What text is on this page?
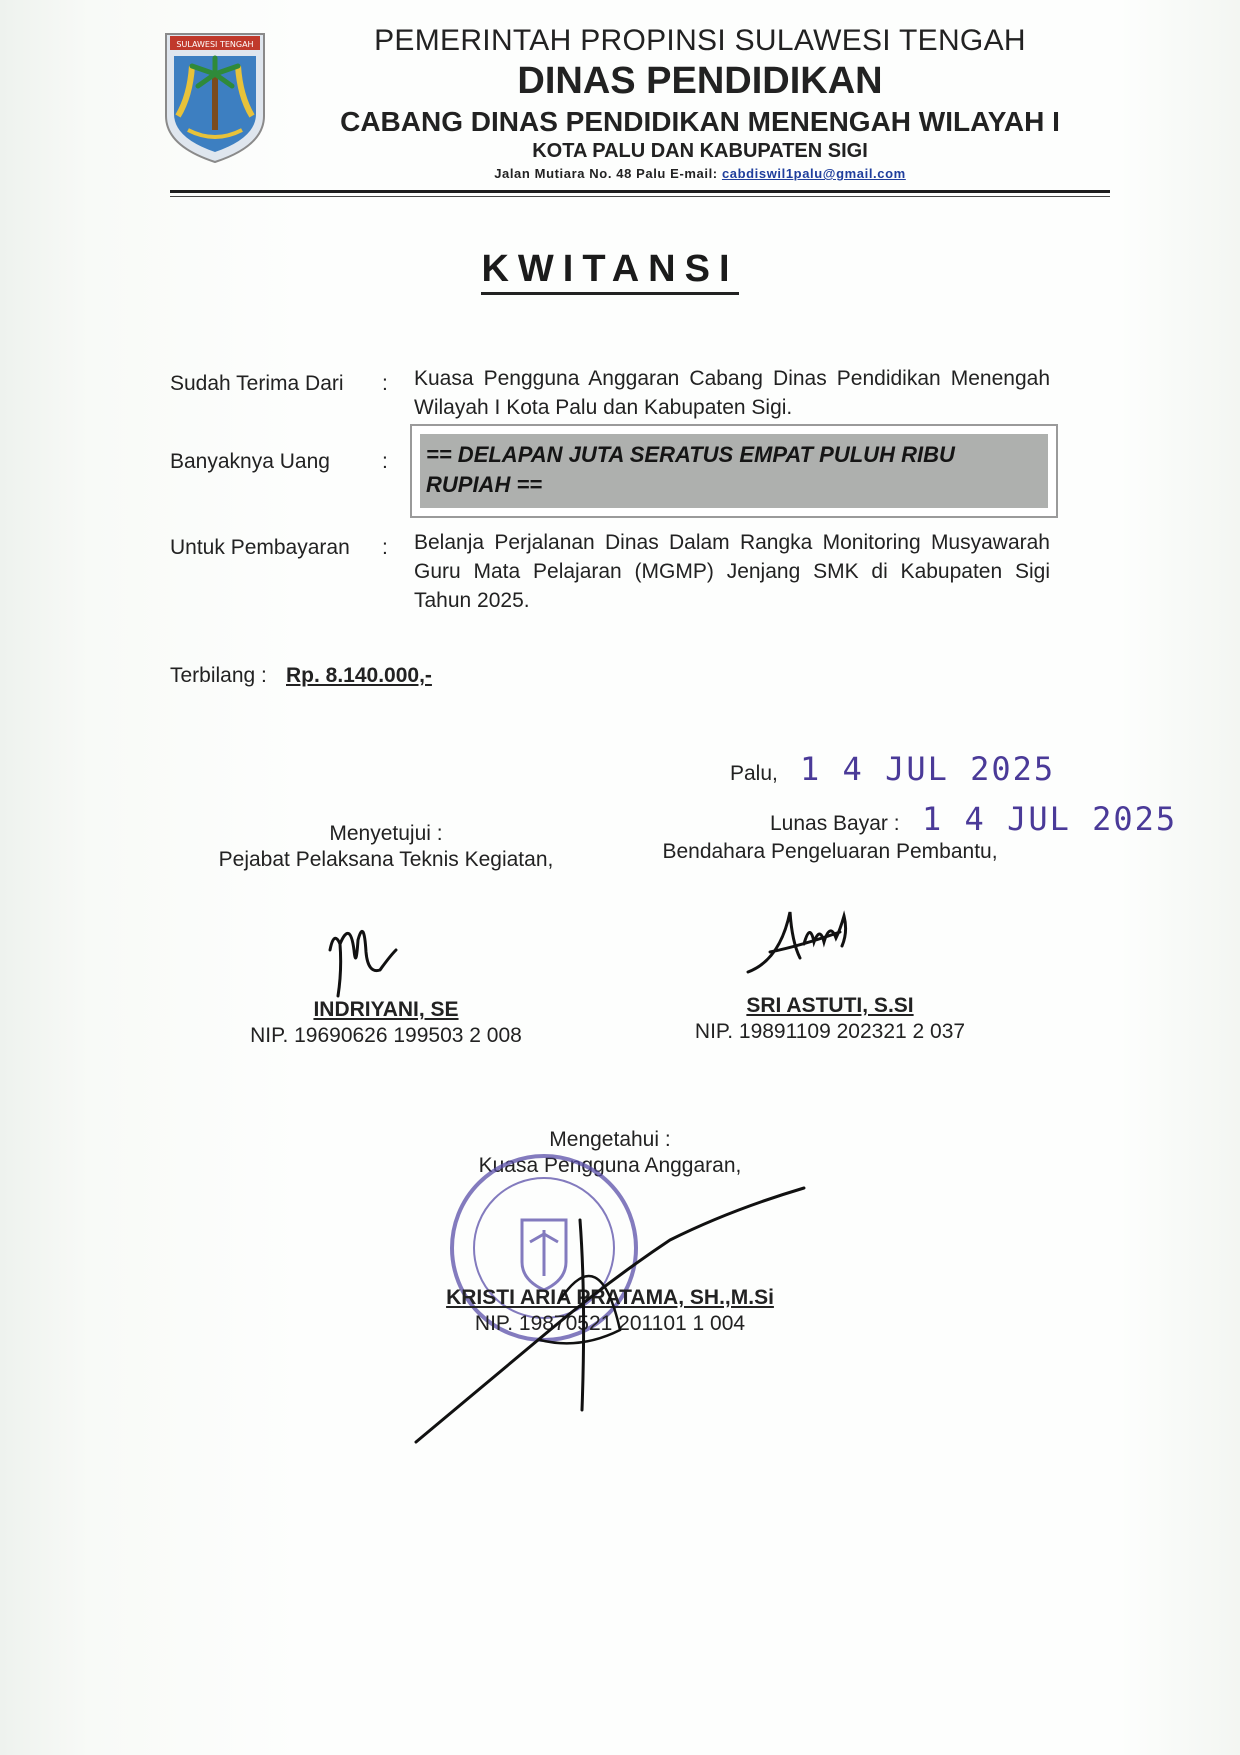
SULAWESI TENGAH	PEMERINTAH PROPINSI SULAWESI TENGAH
DINAS PENDIDIKAN
CABANG DINAS PENDIDIKAN MENENGAH WILAYAH I
KOTA PALU DAN KABUPATEN SIGI
Jalan Mutiara No. 48 Palu E-mail: cabdiswil1palu@gmail.com
KWITANSI
Sudah Terima Dari : Kuasa Pengguna Anggaran Cabang Dinas Pendidikan Menengah Wilayah I Kota Palu dan Kabupaten Sigi.
Banyaknya Uang : == DELAPAN JUTA SERATUS EMPAT PULUH RIBU RUPIAH ==
Untuk Pembayaran : Belanja Perjalanan Dinas Dalam Rangka Monitoring Musyawarah Guru Mata Pelajaran (MGMP) Jenjang SMK di Kabupaten Sigi Tahun 2025.
Terbilang : Rp. 8.140.000,-
Palu, 1 4 JUL 2025
Lunas Bayar : 1 4 JUL 2025
Menyetujui :
Pejabat Pelaksana Teknis Kegiatan,
INDRIYANI, SE
NIP. 19690626 199503 2 008
Bendahara Pengeluaran Pembantu,
SRI ASTUTI, S.SI
NIP. 19891109 202321 2 037
Mengetahui :
Kuasa Pengguna Anggaran,
KRISTI ARIA PRATAMA, SH.,M.Si
NIP. 19870521 201101 1 004
